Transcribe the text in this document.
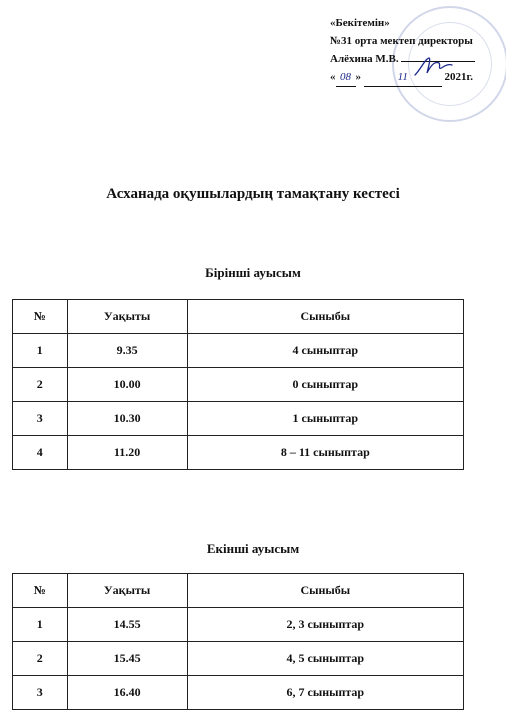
«Бекітемін»
№31 орта мектеп директоры
Алёхина М.В.
« 08 »	11	2021г.
Асханада оқушылардың тамақтану кестесі
Бірінші ауысым
№	Уақыты	Сыныбы
1	9.35	4 сыныптар
2	10.00	0 сыныптар
3	10.30	1 сыныптар
4	11.20	8 – 11 сыныптар
Екінші ауысым
№	Уақыты	Сыныбы
1	14.55	2, 3 сыныптар
2	15.45	4, 5 сыныптар
3	16.40	6, 7 сыныптар
